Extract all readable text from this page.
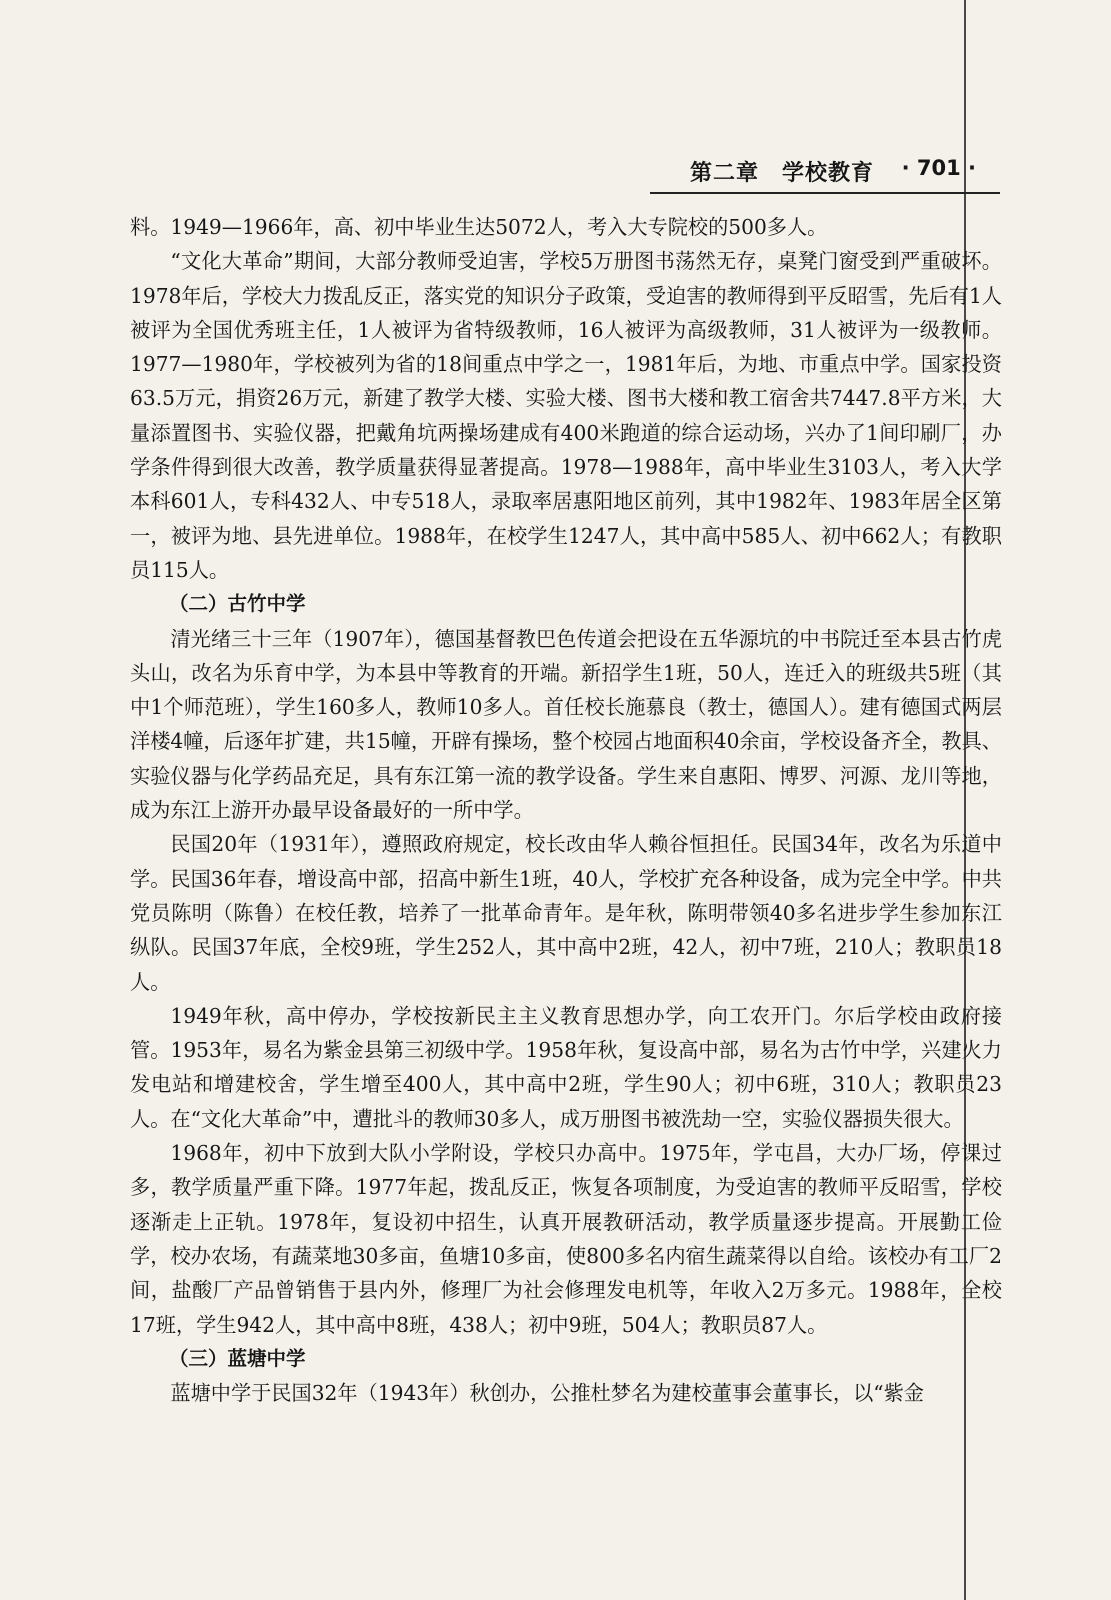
第二章　学校教育 · 701 ·

料。1949—1966年，高、初中毕业生达5072人，考入大专院校的500多人。

“文化大革命”期间，大部分教师受迫害，学校5万册图书荡然无存，桌凳门窗受到严重破坏。1978年后，学校大力拨乱反正，落实党的知识分子政策，受迫害的教师得到平反昭雪，先后有1人被评为全国优秀班主任，1人被评为省特级教师，16人被评为高级教师，31人被评为一级教师。1977—1980年，学校被列为省的18间重点中学之一，1981年后，为地、市重点中学。国家投资63.5万元，捐资26万元，新建了教学大楼、实验大楼、图书大楼和教工宿舍共7447.8平方米，大量添置图书、实验仪器，把戴角坑两操场建成有400米跑道的综合运动场，兴办了1间印刷厂，办学条件得到很大改善，教学质量获得显著提高。1978—1988年，高中毕业生3103人，考入大学本科601人，专科432人、中专518人，录取率居惠阳地区前列，其中1982年、1983年居全区第一，被评为地、县先进单位。1988年，在校学生1247人，其中高中585人、初中662人；有教职员115人。

（二）古竹中学

清光绪三十三年（1907年），德国基督教巴色传道会把设在五华源坑的中书院迁至本县古竹虎头山，改名为乐育中学，为本县中等教育的开端。新招学生1班，50人，连迁入的班级共5班（其中1个师范班），学生160多人，教师10多人。首任校长施慕良（教士，德国人）。建有德国式两层洋楼4幢，后逐年扩建，共15幢，开辟有操场，整个校园占地面积40余亩，学校设备齐全，教具、实验仪器与化学药品充足，具有东江第一流的教学设备。学生来自惠阳、博罗、河源、龙川等地，成为东江上游开办最早设备最好的一所中学。

民国20年（1931年），遵照政府规定，校长改由华人赖谷恒担任。民国34年，改名为乐道中学。民国36年春，增设高中部，招高中新生1班，40人，学校扩充各种设备，成为完全中学。中共党员陈明（陈鲁）在校任教，培养了一批革命青年。是年秋，陈明带领40多名进步学生参加东江纵队。民国37年底，全校9班，学生252人，其中高中2班，42人，初中7班，210人；教职员18人。

1949年秋，高中停办，学校按新民主主义教育思想办学，向工农开门。尔后学校由政府接管。1953年，易名为紫金县第三初级中学。1958年秋，复设高中部，易名为古竹中学，兴建火力发电站和增建校舍，学生增至400人，其中高中2班，学生90人；初中6班，310人；教职员23人。在“文化大革命”中，遭批斗的教师30多人，成万册图书被洗劫一空，实验仪器损失很大。

1968年，初中下放到大队小学附设，学校只办高中。1975年，学屯昌，大办厂场，停课过多，教学质量严重下降。1977年起，拨乱反正，恢复各项制度，为受迫害的教师平反昭雪，学校逐渐走上正轨。1978年，复设初中招生，认真开展教研活动，教学质量逐步提高。开展勤工俭学，校办农场，有蔬菜地30多亩，鱼塘10多亩，使800多名内宿生蔬菜得以自给。该校办有工厂2间，盐酸厂产品曾销售于县内外，修理厂为社会修理发电机等，年收入2万多元。1988年，全校17班，学生942人，其中高中8班，438人；初中9班，504人；教职员87人。

（三）蓝塘中学

蓝塘中学于民国32年（1943年）秋创办，公推杜梦名为建校董事会董事长，以“紫金
